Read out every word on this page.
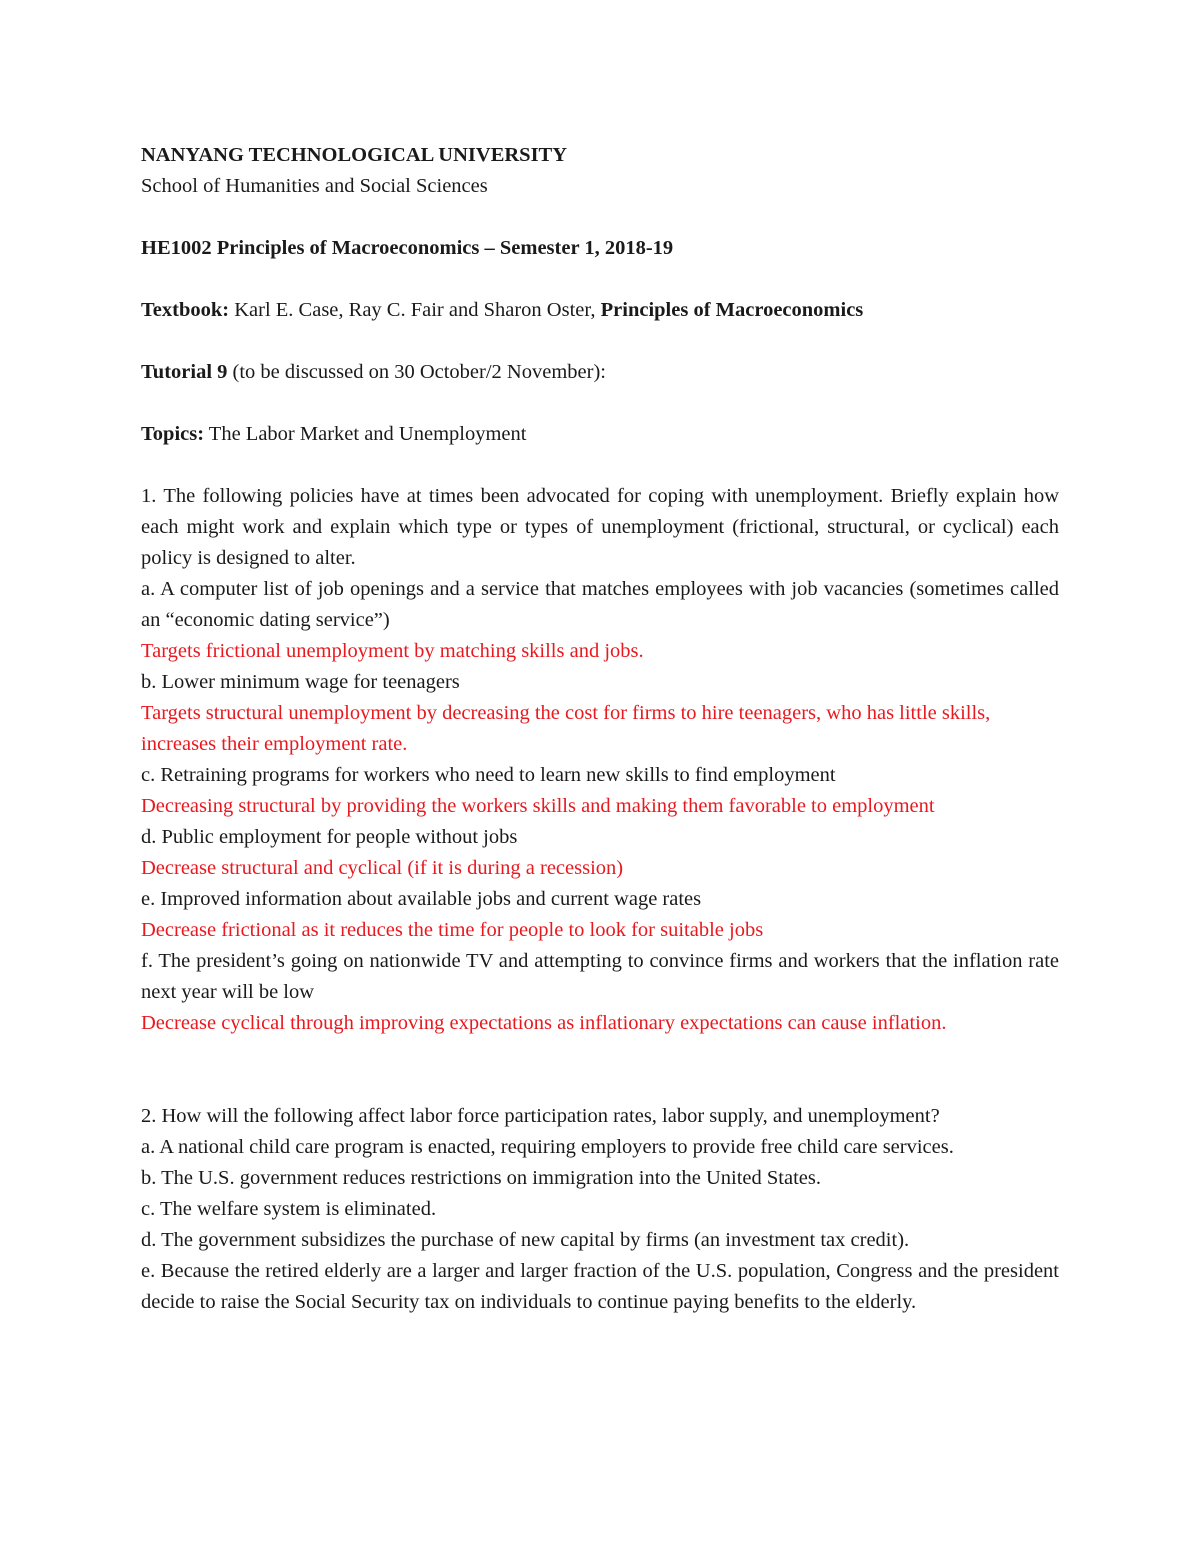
NANYANG TECHNOLOGICAL UNIVERSITY

School of Humanities and Social Sciences

HE1002 Principles of Macroeconomics – Semester 1, 2018-19

Textbook: Karl E. Case, Ray C. Fair and Sharon Oster, Principles of Macroeconomics

Tutorial 9 (to be discussed on 30 October/2 November):

Topics: The Labor Market and Unemployment

1. The following policies have at times been advocated for coping with unemployment. Briefly explain how each might work and explain which type or types of unemployment (frictional, structural, or cyclical) each policy is designed to alter.

a. A computer list of job openings and a service that matches employees with job vacancies (sometimes called an “economic dating service”)

Targets frictional unemployment by matching skills and jobs.

b. Lower minimum wage for teenagers

Targets structural unemployment by decreasing the cost for firms to hire teenagers, who has little skills, increases their employment rate.

c. Retraining programs for workers who need to learn new skills to find employment

Decreasing structural by providing the workers skills and making them favorable to employment

d. Public employment for people without jobs

Decrease structural and cyclical (if it is during a recession)

e. Improved information about available jobs and current wage rates

Decrease frictional as it reduces the time for people to look for suitable jobs

f. The president’s going on nationwide TV and attempting to convince firms and workers that the inflation rate next year will be low

Decrease cyclical through improving expectations as inflationary expectations can cause inflation.

2. How will the following affect labor force participation rates, labor supply, and unemployment?

a. A national child care program is enacted, requiring employers to provide free child care services.

b. The U.S. government reduces restrictions on immigration into the United States.

c. The welfare system is eliminated.

d. The government subsidizes the purchase of new capital by firms (an investment tax credit).

e. Because the retired elderly are a larger and larger fraction of the U.S. population, Congress and the president decide to raise the Social Security tax on individuals to continue paying benefits to the elderly.
